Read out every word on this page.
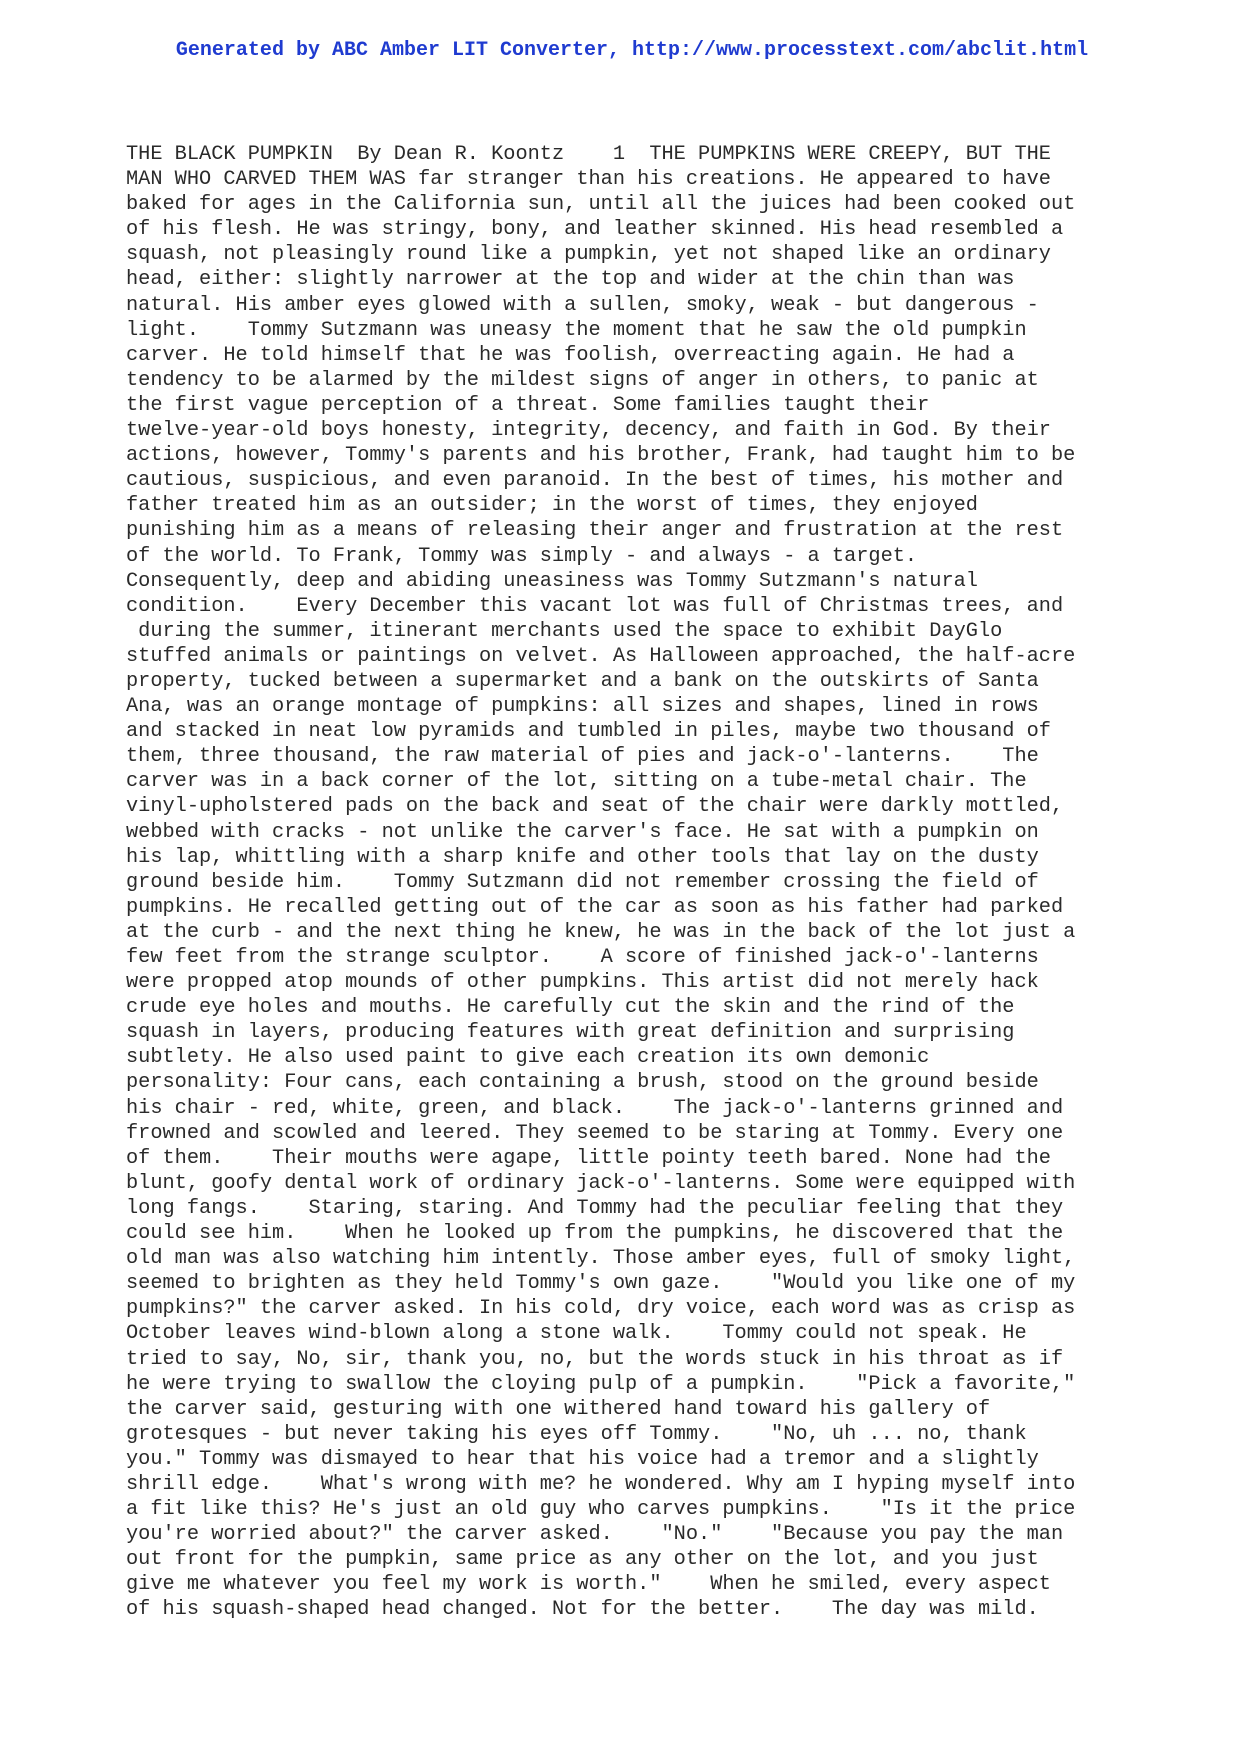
Generated by ABC Amber LIT Converter, http://www.processtext.com/abclit.html

THE BLACK PUMPKIN  By Dean R. Koontz    1  THE PUMPKINS WERE CREEPY, BUT THE
MAN WHO CARVED THEM WAS far stranger than his creations. He appeared to have
baked for ages in the California sun, until all the juices had been cooked out
of his flesh. He was stringy, bony, and leather skinned. His head resembled a
squash, not pleasingly round like a pumpkin, yet not shaped like an ordinary
head, either: slightly narrower at the top and wider at the chin than was
natural. His amber eyes glowed with a sullen, smoky, weak - but dangerous -
light.    Tommy Sutzmann was uneasy the moment that he saw the old pumpkin
carver. He told himself that he was foolish, overreacting again. He had a
tendency to be alarmed by the mildest signs of anger in others, to panic at
the first vague perception of a threat. Some families taught their
twelve-year-old boys honesty, integrity, decency, and faith in God. By their
actions, however, Tommy's parents and his brother, Frank, had taught him to be
cautious, suspicious, and even paranoid. In the best of times, his mother and
father treated him as an outsider; in the worst of times, they enjoyed
punishing him as a means of releasing their anger and frustration at the rest
of the world. To Frank, Tommy was simply - and always - a target.
Consequently, deep and abiding uneasiness was Tommy Sutzmann's natural
condition.    Every December this vacant lot was full of Christmas trees, and
during the summer, itinerant merchants used the space to exhibit DayGlo
stuffed animals or paintings on velvet. As Halloween approached, the half-acre
property, tucked between a supermarket and a bank on the outskirts of Santa
Ana, was an orange montage of pumpkins: all sizes and shapes, lined in rows
and stacked in neat low pyramids and tumbled in piles, maybe two thousand of
them, three thousand, the raw material of pies and jack-o'-lanterns.    The
carver was in a back corner of the lot, sitting on a tube-metal chair. The
vinyl-upholstered pads on the back and seat of the chair were darkly mottled,
webbed with cracks - not unlike the carver's face. He sat with a pumpkin on
his lap, whittling with a sharp knife and other tools that lay on the dusty
ground beside him.    Tommy Sutzmann did not remember crossing the field of
pumpkins. He recalled getting out of the car as soon as his father had parked
at the curb - and the next thing he knew, he was in the back of the lot just a
few feet from the strange sculptor.    A score of finished jack-o'-lanterns
were propped atop mounds of other pumpkins. This artist did not merely hack
crude eye holes and mouths. He carefully cut the skin and the rind of the
squash in layers, producing features with great definition and surprising
subtlety. He also used paint to give each creation its own demonic
personality: Four cans, each containing a brush, stood on the ground beside
his chair - red, white, green, and black.    The jack-o'-lanterns grinned and
frowned and scowled and leered. They seemed to be staring at Tommy. Every one
of them.    Their mouths were agape, little pointy teeth bared. None had the
blunt, goofy dental work of ordinary jack-o'-lanterns. Some were equipped with
long fangs.    Staring, staring. And Tommy had the peculiar feeling that they
could see him.    When he looked up from the pumpkins, he discovered that the
old man was also watching him intently. Those amber eyes, full of smoky light,
seemed to brighten as they held Tommy's own gaze.    "Would you like one of my
pumpkins?" the carver asked. In his cold, dry voice, each word was as crisp as
October leaves wind-blown along a stone walk.    Tommy could not speak. He
tried to say, No, sir, thank you, no, but the words stuck in his throat as if
he were trying to swallow the cloying pulp of a pumpkin.    "Pick a favorite,"
the carver said, gesturing with one withered hand toward his gallery of
grotesques - but never taking his eyes off Tommy.    "No, uh ... no, thank
you." Tommy was dismayed to hear that his voice had a tremor and a slightly
shrill edge.    What's wrong with me? he wondered. Why am I hyping myself into
a fit like this? He's just an old guy who carves pumpkins.    "Is it the price
you're worried about?" the carver asked.    "No."    "Because you pay the man
out front for the pumpkin, same price as any other on the lot, and you just
give me whatever you feel my work is worth."    When he smiled, every aspect
of his squash-shaped head changed. Not for the better.    The day was mild.
